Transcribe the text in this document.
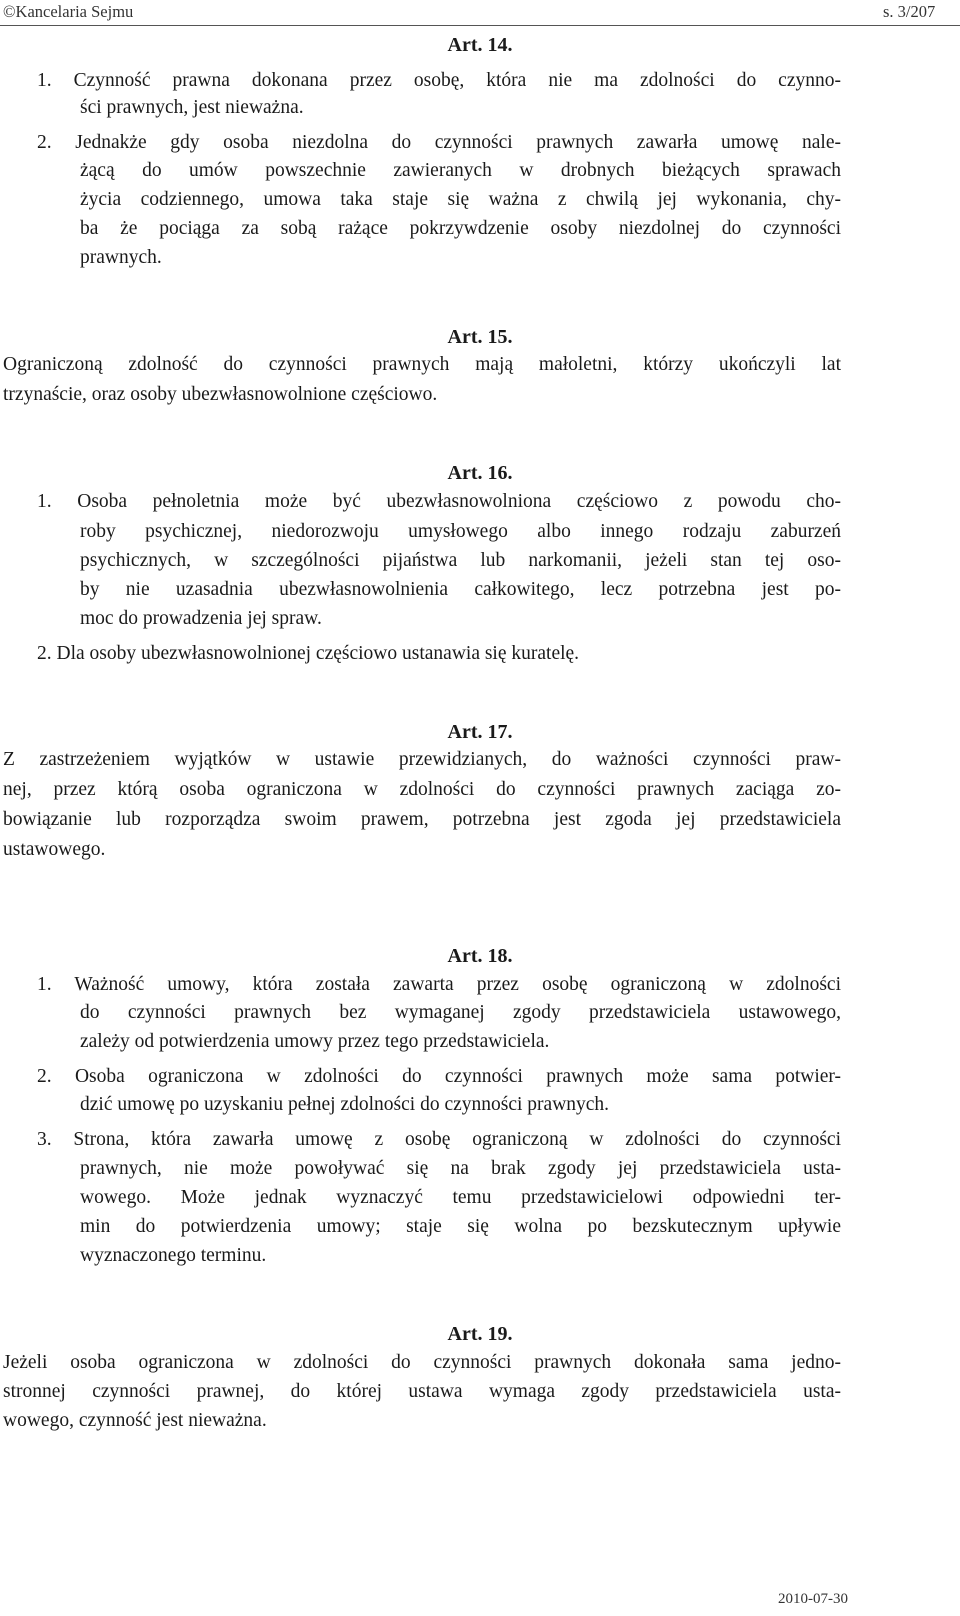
©Kancelaria Sejmu	s. 3/207
Art. 14.
1. Czynność prawna dokonana przez osobę, która nie ma zdolności do czynno-
ści prawnych, jest nieważna.
2. Jednakże gdy osoba niezdolna do czynności prawnych zawarła umowę nale-
żącą do umów powszechnie zawieranych w drobnych bieżących sprawach
życia codziennego, umowa taka staje się ważna z chwilą jej wykonania, chy-
ba że pociąga za sobą rażące pokrzywdzenie osoby niezdolnej do czynności
prawnych.
Art. 15.
Ograniczoną zdolność do czynności prawnych mają małoletni, którzy ukończyli lat
trzynaście, oraz osoby ubezwłasnowolnione częściowo.
Art. 16.
1. Osoba pełnoletnia może być ubezwłasnowolniona częściowo z powodu cho-
roby psychicznej, niedorozwoju umysłowego albo innego rodzaju zaburzeń
psychicznych, w szczególności pijaństwa lub narkomanii, jeżeli stan tej oso-
by nie uzasadnia ubezwłasnowolnienia całkowitego, lecz potrzebna jest po-
moc do prowadzenia jej spraw.
2. Dla osoby ubezwłasnowolnionej częściowo ustanawia się kuratelę.
Art. 17.
Z zastrzeżeniem wyjątków w ustawie przewidzianych, do ważności czynności praw-
nej, przez którą osoba ograniczona w zdolności do czynności prawnych zaciąga zo-
bowiązanie lub rozporządza swoim prawem, potrzebna jest zgoda jej przedstawiciela
ustawowego.
Art. 18.
1. Ważność umowy, która została zawarta przez osobę ograniczoną w zdolności
do czynności prawnych bez wymaganej zgody przedstawiciela ustawowego,
zależy od potwierdzenia umowy przez tego przedstawiciela.
2. Osoba ograniczona w zdolności do czynności prawnych może sama potwier-
dzić umowę po uzyskaniu pełnej zdolności do czynności prawnych.
3. Strona, która zawarła umowę z osobę ograniczoną w zdolności do czynności
prawnych, nie może powoływać się na brak zgody jej przedstawiciela usta-
wowego. Może jednak wyznaczyć temu przedstawicielowi odpowiedni ter-
min do potwierdzenia umowy; staje się wolna po bezskutecznym upływie
wyznaczonego terminu.
Art. 19.
Jeżeli osoba ograniczona w zdolności do czynności prawnych dokonała sama jedno-
stronnej czynności prawnej, do której ustawa wymaga zgody przedstawiciela usta-
wowego, czynność jest nieważna.
2010-07-30
